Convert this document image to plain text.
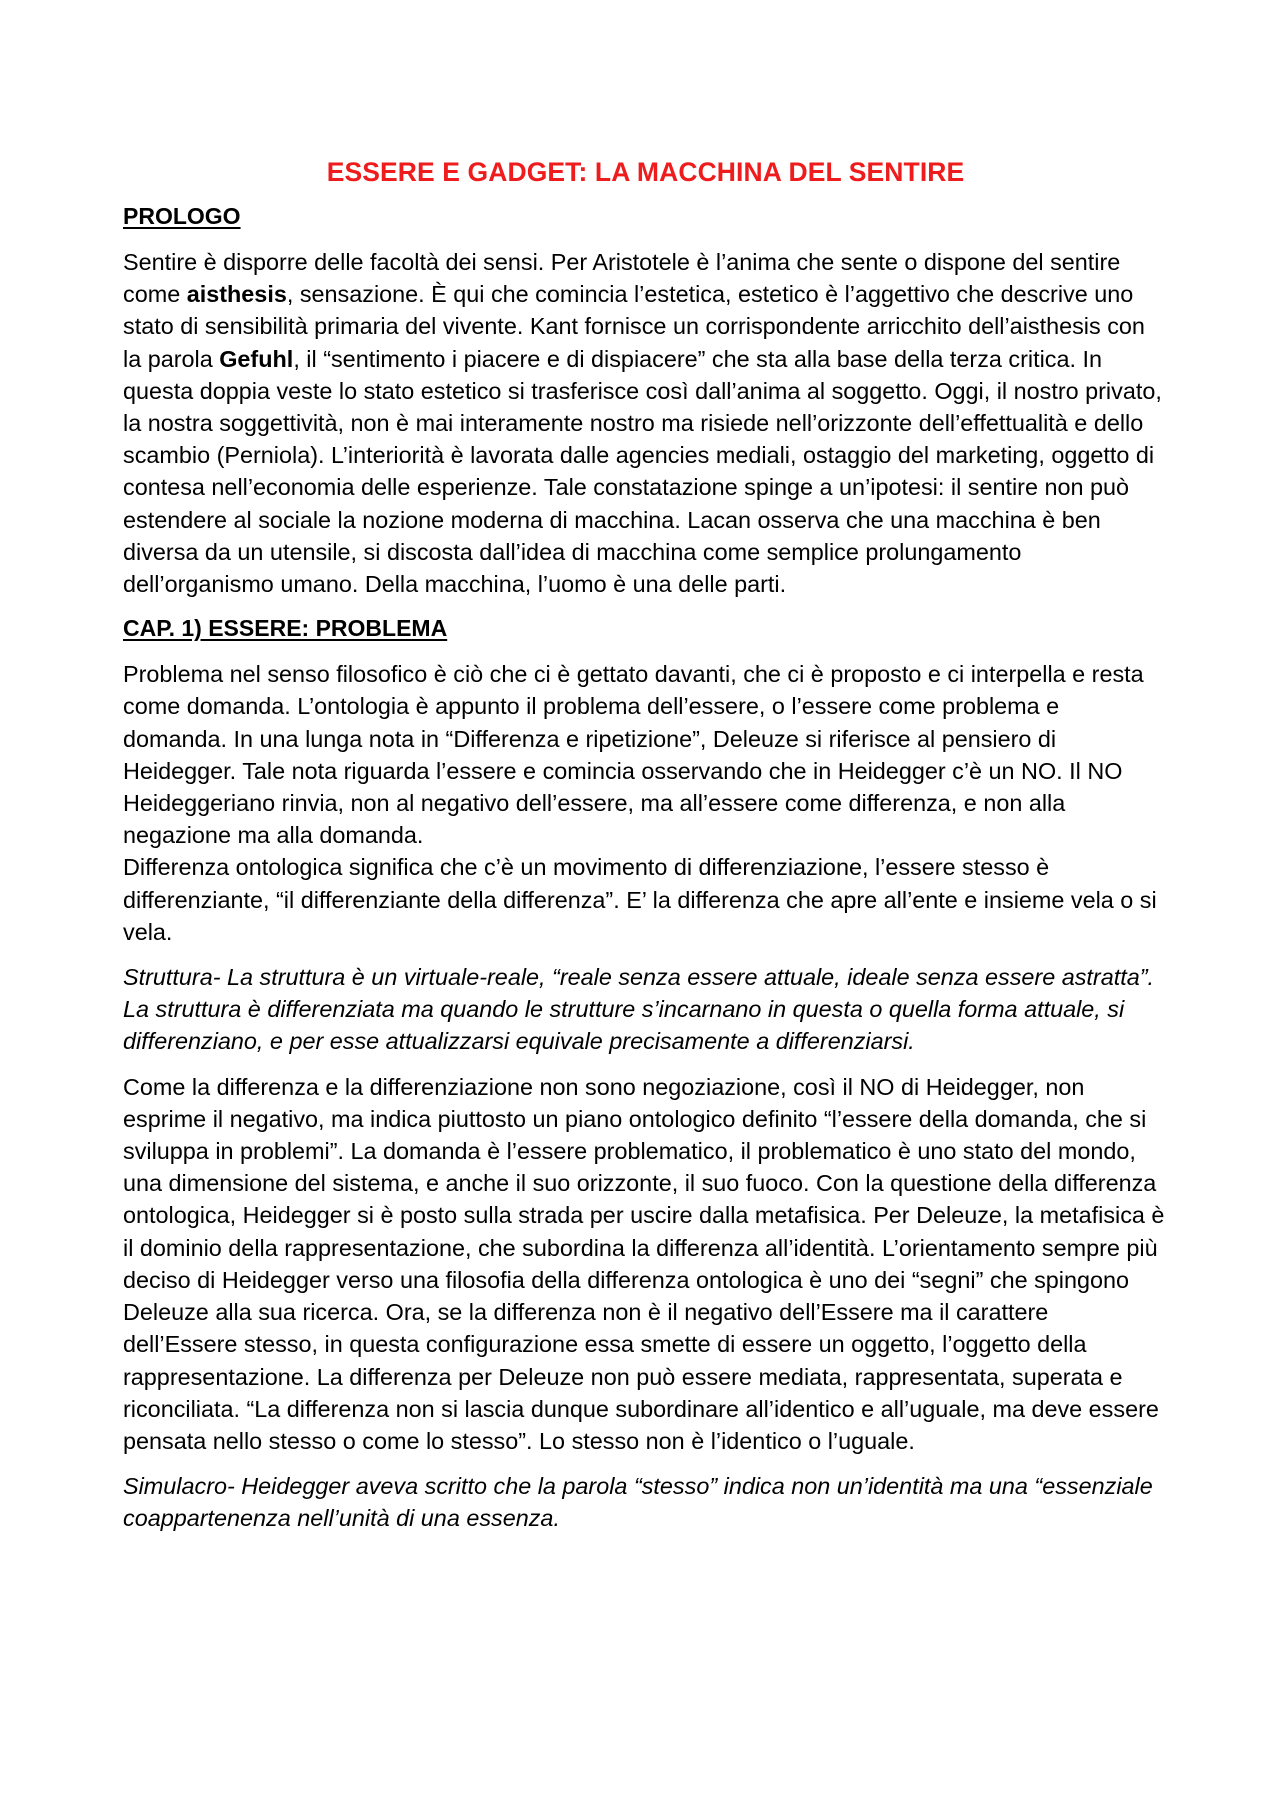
ESSERE E GADGET: LA MACCHINA DEL SENTIRE
PROLOGO

Sentire è disporre delle facoltà dei sensi. Per Aristotele è l’anima che sente o dispone del sentire come aisthesis, sensazione. È qui che comincia l’estetica, estetico è l’aggettivo che descrive uno stato di sensibilità primaria del vivente. Kant fornisce un corrispondente arricchito dell’aisthesis con la parola Gefuhl, il “sentimento i piacere e di dispiacere” che sta alla base della terza critica. In questa doppia veste lo stato estetico si trasferisce così dall’anima al soggetto. Oggi, il nostro privato, la nostra soggettività, non è mai interamente nostro ma risiede nell’orizzonte dell’effettualità e dello scambio (Perniola). L’interiorità è lavorata dalle agencies mediali, ostaggio del marketing, oggetto di contesa nell’economia delle esperienze. Tale constatazione spinge a un’ipotesi: il sentire non può estendere al sociale la nozione moderna di macchina. Lacan osserva che una macchina è ben diversa da un utensile, si discosta dall’idea di macchina come semplice prolungamento dell’organismo umano. Della macchina, l’uomo è una delle parti.

CAP. 1) ESSERE: PROBLEMA

Problema nel senso filosofico è ciò che ci è gettato davanti, che ci è proposto e ci interpella e resta come domanda. L’ontologia è appunto il problema dell’essere, o l’essere come problema e domanda. In una lunga nota in “Differenza e ripetizione”, Deleuze si riferisce al pensiero di Heidegger. Tale nota riguarda l’essere e comincia osservando che in Heidegger c’è un NO. Il NO Heideggeriano rinvia, non al negativo dell’essere, ma all’essere come differenza, e non alla negazione ma alla domanda.

Differenza ontologica significa che c’è un movimento di differenziazione, l’essere stesso è differenziante, “il differenziante della differenza”. E’ la differenza che apre all’ente e insieme vela o si vela.

Struttura- La struttura è un virtuale-reale, “reale senza essere attuale, ideale senza essere astratta”. La struttura è differenziata ma quando le strutture s’incarnano in questa o quella forma attuale, si differenziano, e per esse attualizzarsi equivale precisamente a differenziarsi.

Come la differenza e la differenziazione non sono negoziazione, così il NO di Heidegger, non esprime il negativo, ma indica piuttosto un piano ontologico definito “l’essere della domanda, che si sviluppa in problemi”. La domanda è l’essere problematico, il problematico è uno stato del mondo, una dimensione del sistema, e anche il suo orizzonte, il suo fuoco. Con la questione della differenza ontologica, Heidegger si è posto sulla strada per uscire dalla metafisica. Per Deleuze, la metafisica è il dominio della rappresentazione, che subordina la differenza all’identità. L’orientamento sempre più deciso di Heidegger verso una filosofia della differenza ontologica è uno dei “segni” che spingono Deleuze alla sua ricerca. Ora, se la differenza non è il negativo dell’Essere ma il carattere dell’Essere stesso, in questa configurazione essa smette di essere un oggetto, l’oggetto della rappresentazione. La differenza per Deleuze non può essere mediata, rappresentata, superata e riconciliata. “La differenza non si lascia dunque subordinare all’identico e all’uguale, ma deve essere pensata nello stesso o come lo stesso”. Lo stesso non è l’identico o l’uguale.

Simulacro- Heidegger aveva scritto che la parola “stesso” indica non un’identità ma una “essenziale coappartenenza nell’unità di una essenza.
